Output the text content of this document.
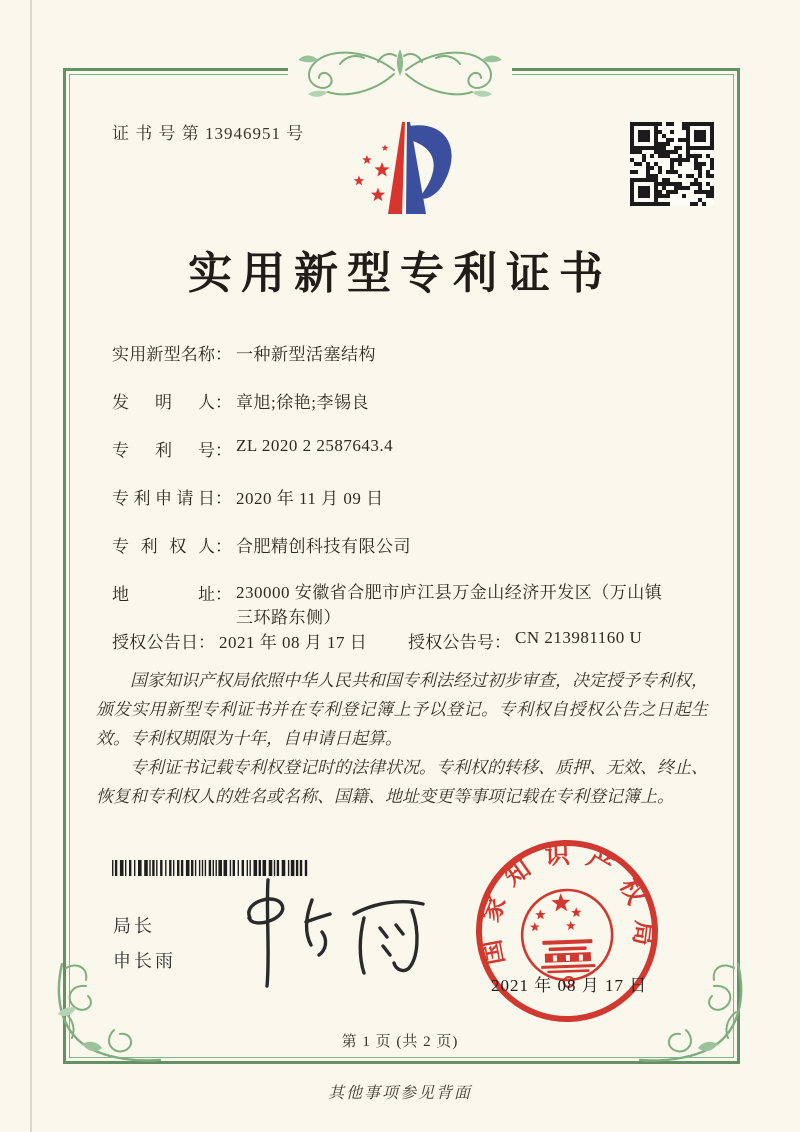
证 书 号 第 13946951 号
实用新型专利证书
实用新型名称： 一种新型活塞结构
发明人： 章旭;徐艳;李锡良
专利号： ZL 2020 2 2587643.4
专利申请日： 2020 年 11 月 09 日
专利权人： 合肥精创科技有限公司
地址： 230000 安徽省合肥市庐江县万金山经济开发区（万山镇
三环路东侧）
授权公告日： 2021 年 08 月 17 日 授权公告号： CN 213981160 U

国家知识产权局依照中华人民共和国专利法经过初步审查，决定授予专利权，颁发实用新型专利证书并在专利登记簿上予以登记。专利权自授权公告之日起生效。专利权期限为十年，自申请日起算。

专利证书记载专利权登记时的法律状况。专利权的转移、质押、无效、终止、恢复和专利权人的姓名或名称、国籍、地址变更等事项记载在专利登记簿上。

局长
申长雨	国家知识产权局
2021 年 08 月 17 日
第 1 页 (共 2 页)
其他事项参见背面
